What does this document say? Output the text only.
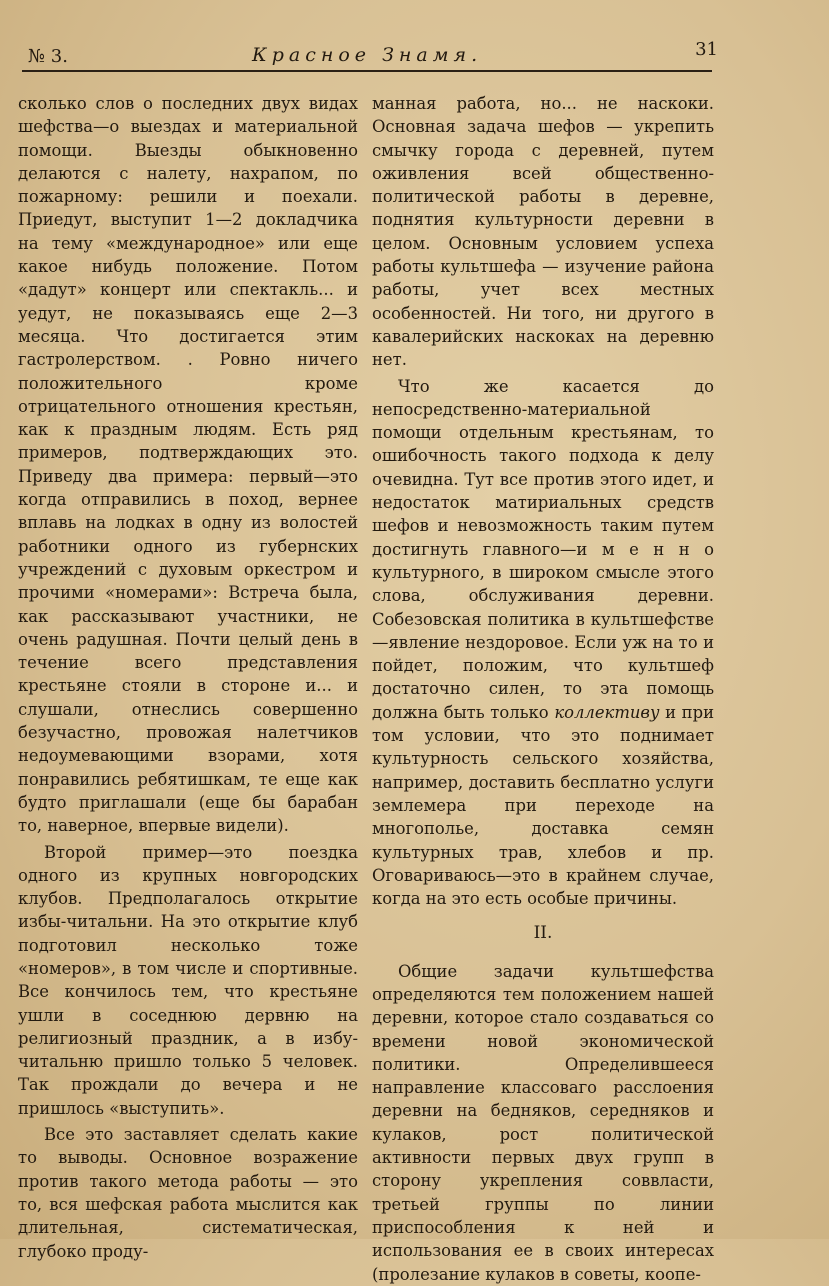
№ 3.	Красное Знамя.	31

сколько слов о последних двух видах шефства—о выездах и материальной помощи. Выезды обыкновенно делаются с налету, нахрапом, по пожарному: решили и поехали. Приедут, выступит 1—2 докладчика на тему «международное» или еще какое нибудь положение. Потом «дадут» концерт или спектакль... и уедут, не показываясь еще 2—3 месяца. Что достигается этим гастролерством. . Ровно ничего положительного кроме отрицательного отношения крестьян, как к праздным людям. Есть ряд примеров, подтверждающих это. Приведу два примера: первый—это когда отправились в поход, вернее вплавь на лодках в одну из волостей работники одного из губернских учреждений с духовым оркестром и прочими «номерами»: Встреча была, как рассказывают участники, не очень радушная. Почти целый день в течение всего представления крестьяне стояли в стороне и... и слушали, отнеслись совершенно безучастно, провожая налетчиков недоумевающими взорами, хотя понравились ребятишкам, те еще как будто приглашали (еще бы барабан то, наверное, впервые видели).

Второй пример—это поездка одного из крупных новгородских клубов. Предполагалось открытие избы-читальни. На это открытие клуб подготовил несколько тоже «номеров», в том числе и спортивные. Все кончилось тем, что крестьяне ушли в соседнюю дервню на религиозный праздник, а в избу-читальню пришло только 5 человек. Так прождали до вечера и не пришлось «выступить».

Все это заставляет сделать какие то выводы. Основное возражение против такого метода работы — это то, вся шефская работа мыслится как длительная, систематическая, глубоко проду-

манная работа, но... не наскоки. Основная задача шефов — укрепить смычку города с деревней, путем оживления всей общественно-политической работы в деревне, поднятия культурности деревни в целом. Основным условием успеха работы культшефа — изучение района работы, учет всех местных особенностей. Ни того, ни другого в кавалерийских наскоках на деревню нет.

Что же касается до непосредственно-материальной помощи отдельным крестьянам, то ошибочность такого подхода к делу очевидна. Тут все против этого идет, и недостаток матириальных средств шефов и невозможность таким путем достигнуть главного—и м е н н о культурного, в широком смысле этого слова, обслуживания деревни. Собезовская политика в культшефстве—явление нездоровое. Если уж на то и пойдет, положим, что культшеф достаточно силен, то эта помощь должна быть только коллективу и при том условии, что это поднимает культурность сельского хозяйства, например, доставить бесплатно услуги землемера при переходе на многополье, доставка семян культурных трав, хлебов и пр. Оговариваюсь—это в крайнем случае, когда на это есть особые причины.

II.

Общие задачи культшефства определяются тем положением нашей деревни, которое стало создаваться со времени новой экономической политики. Определившееся направление классоваго расслоения деревни на бедняков, середняков и кулаков, рост политической активности первых двух групп в сторону укрепления соввласти, третьей группы по линии приспособления к ней и использования ее в своих интересах (пролезание кулаков в советы, коопе-
